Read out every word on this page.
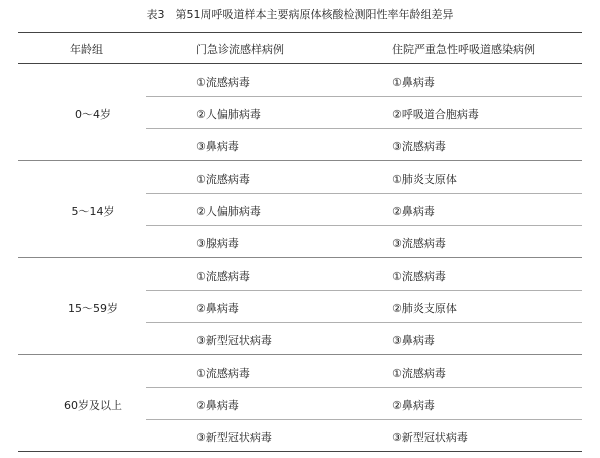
表3　第51周呼吸道样本主要病原体核酸检测阳性率年龄组差异
年龄组	门急诊流感样病例	住院严重急性呼吸道感染病例
0～4岁
①流感病毒	①鼻病毒
②人偏肺病毒	②呼吸道合胞病毒
③鼻病毒	③流感病毒
5～14岁
①流感病毒	①肺炎支原体
②人偏肺病毒	②鼻病毒
③腺病毒	③流感病毒
15～59岁
①流感病毒	①流感病毒
②鼻病毒	②肺炎支原体
③新型冠状病毒	③鼻病毒
60岁及以上
①流感病毒	①流感病毒
②鼻病毒	②鼻病毒
③新型冠状病毒	③新型冠状病毒
